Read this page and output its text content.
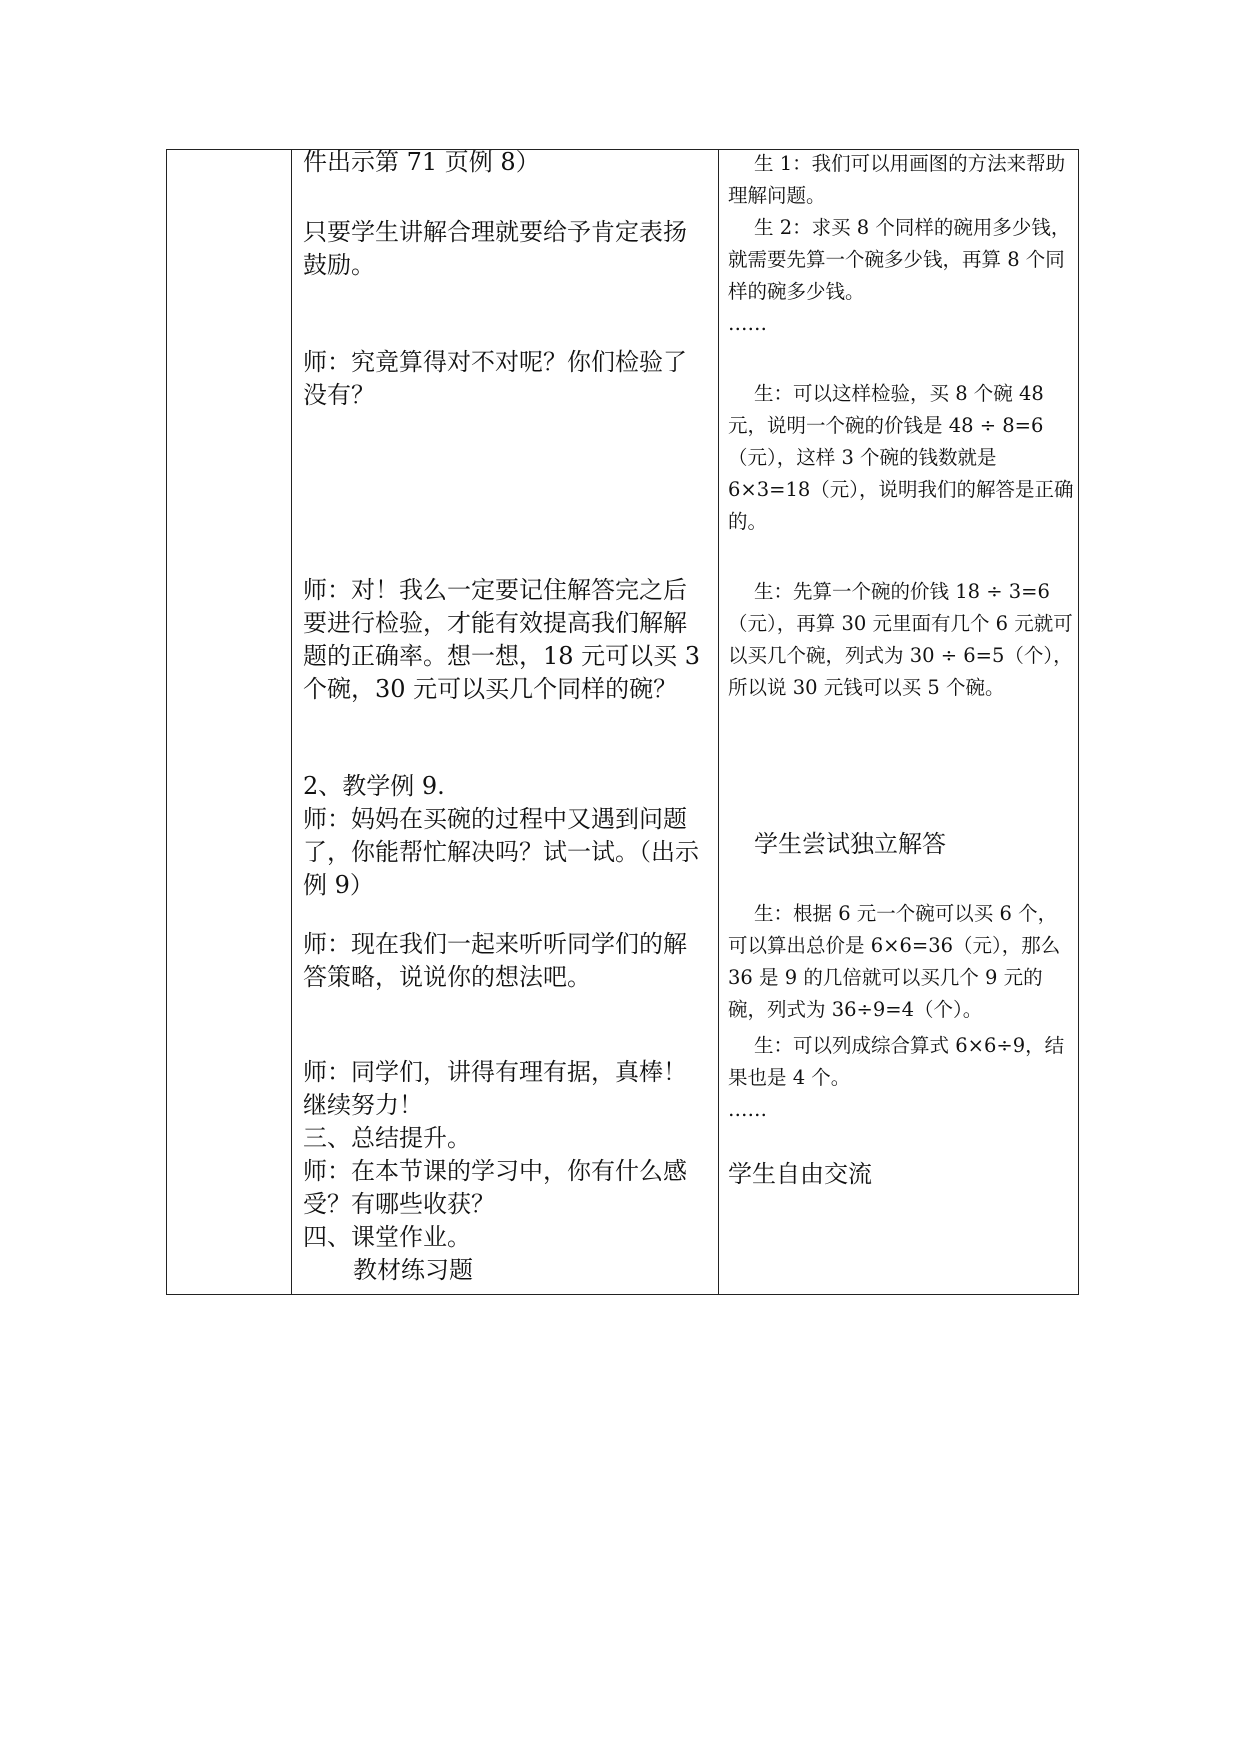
件出示第 71 页例 8）
只要学生讲解合理就要给予肯定表扬鼓励。
师：究竟算得对不对呢？你们检验了没有？
师：对！我么一定要记住解答完之后要进行检验，才能有效提高我们解解题的正确率。想一想，18 元可以买 3 个碗，30 元可以买几个同样的碗？
2、教学例 9.
师：妈妈在买碗的过程中又遇到问题了，你能帮忙解决吗？试一试。（出示例 9）
师：现在我们一起来听听同学们的解答策略，说说你的想法吧。
师：同学们，讲得有理有据，真棒！继续努力！
三、总结提升。
师：在本节课的学习中，你有什么感受？有哪些收获？
四、课堂作业。
教材练习题
生 1：我们可以用画图的方法来帮助理解问题。
生 2：求买 8 个同样的碗用多少钱，就需要先算一个碗多少钱，再算 8 个同样的碗多少钱。
……
生：可以这样检验，买 8 个碗 48 元，说明一个碗的价钱是 48 ÷ 8=6（元），这样 3 个碗的钱数就是 6×3=18（元），说明我们的解答是正确的。
生：先算一个碗的价钱 18 ÷ 3=6（元），再算 30 元里面有几个 6 元就可以买几个碗，列式为 30 ÷ 6=5（个），所以说 30 元钱可以买 5 个碗。
学生尝试独立解答
生：根据 6 元一个碗可以买 6 个，可以算出总价是 6×6=36（元），那么 36 是 9 的几倍就可以买几个 9 元的碗，列式为 36÷9=4（个）。
生：可以列成综合算式 6×6÷9，结果也是 4 个。
……
学生自由交流
